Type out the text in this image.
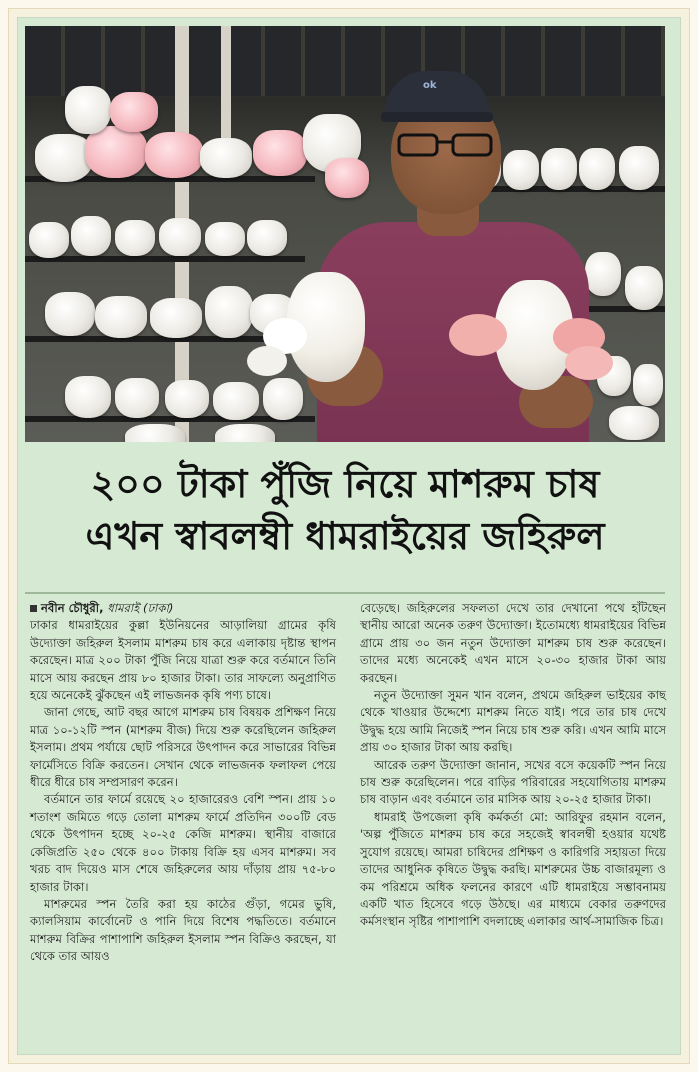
ok
২০০ টাকা পুঁজি নিয়ে মাশরুম চাষ
এখন স্বাবলম্বী ধামরাইয়ের জহিরুল
নবীন চৌধুরী, ধামরাই (ঢাকা)

ঢাকার ধামরাইয়ের কুল্লা ইউনিয়নের আড়ালিয়া গ্রামের কৃষি উদ্যোক্তা জহিরুল ইসলাম মাশরুম চাষ করে এলাকায় দৃষ্টান্ত স্থাপন করেছেন। মাত্র ২০০ টাকা পুঁজি নিয়ে যাত্রা শুরু করে বর্তমানে তিনি মাসে আয় করছেন প্রায় ৮০ হাজার টাকা। তার সাফল্যে অনুপ্রাণিত হয়ে অনেকেই ঝুঁকছেন এই লাভজনক কৃষি পণ্য চাষে।

জানা গেছে, আট বছর আগে মাশরুম চাষ বিষয়ক প্রশিক্ষণ নিয়ে মাত্র ১০-১২টি স্পন (মাশরুম বীজ) দিয়ে শুরু করেছিলেন জহিরুল ইসলাম। প্রথম পর্যায়ে ছোট পরিসরে উৎপাদন করে সাভারের বিভিন্ন ফার্মেসিতে বিক্রি করতেন। সেখান থেকে লাভজনক ফলাফল পেয়ে ধীরে ধীরে চাষ সম্প্রসারণ করেন।

বর্তমানে তার ফার্মে রয়েছে ২০ হাজারেরও বেশি স্পন। প্রায় ১০ শতাংশ জমিতে গড়ে তোলা মাশরুম ফার্মে প্রতিদিন ৩০০টি বেড থেকে উৎপাদন হচ্ছে ২০-২৫ কেজি মাশরুম। স্থানীয় বাজারে কেজিপ্রতি ২৫০ থেকে ৪০০ টাকায় বিক্রি হয় এসব মাশরুম। সব খরচ বাদ দিয়েও মাস শেষে জহিরুলের আয় দাঁড়ায় প্রায় ৭৫-৮০ হাজার টাকা।

মাশরুমের স্পন তৈরি করা হয় কাঠের গুঁড়া, গমের ভুষি, ক্যালসিয়াম কার্বোনেট ও পানি দিয়ে বিশেষ পদ্ধতিতে। বর্তমানে মাশরুম বিক্রির পাশাপাশি জহিরুল ইসলাম স্পন বিক্রিও করছেন, যা থেকে তার আয়ও

বেড়েছে। জহিরুলের সফলতা দেখে তার দেখানো পথে হাঁটছেন স্থানীয় আরো অনেক তরুণ উদ্যোক্তা। ইতোমধ্যে ধামরাইয়ের বিভিন্ন গ্রামে প্রায় ৩০ জন নতুন উদ্যোক্তা মাশরুম চাষ শুরু করেছেন। তাদের মধ্যে অনেকেই এখন মাসে ২০-৩০ হাজার টাকা আয় করছেন।

নতুন উদ্যোক্তা সুমন খান বলেন, প্রথমে জহিরুল ভাইয়ের কাছ থেকে খাওয়ার উদ্দেশ্যে মাশরুম নিতে যাই। পরে তার চাষ দেখে উদ্বুদ্ধ হয়ে আমি নিজেই স্পন নিয়ে চাষ শুরু করি। এখন আমি মাসে প্রায় ৩০ হাজার টাকা আয় করছি।

আরেক তরুণ উদ্যোক্তা জানান, সখের বসে কয়েকটি স্পন নিয়ে চাষ শুরু করেছিলেন। পরে বাড়ির পরিবারের সহযোগিতায় মাশরুম চাষ বাড়ান এবং বর্তমানে তার মাসিক আয় ২০-২৫ হাজার টাকা।

ধামরাই উপজেলা কৃষি কর্মকর্তা মো: আরিফুর রহমান বলেন, 'অল্প পুঁজিতে মাশরুম চাষ করে সহজেই স্বাবলম্বী হওয়ার যথেষ্ট সুযোগ রয়েছে। আমরা চাষিদের প্রশিক্ষণ ও কারিগরি সহায়তা দিয়ে তাদের আধুনিক কৃষিতে উদ্বুদ্ধ করছি। মাশরুমের উচ্চ বাজারমূল্য ও কম পরিশ্রমে অধিক ফলনের কারণে এটি ধামরাইয়ে সম্ভাবনাময় একটি খাত হিসেবে গড়ে উঠছে। এর মাধ্যমে বেকার তরুণদের কর্মসংস্থান সৃষ্টির পাশাপাশি বদলাচ্ছে এলাকার আর্থ-সামাজিক চিত্র।
